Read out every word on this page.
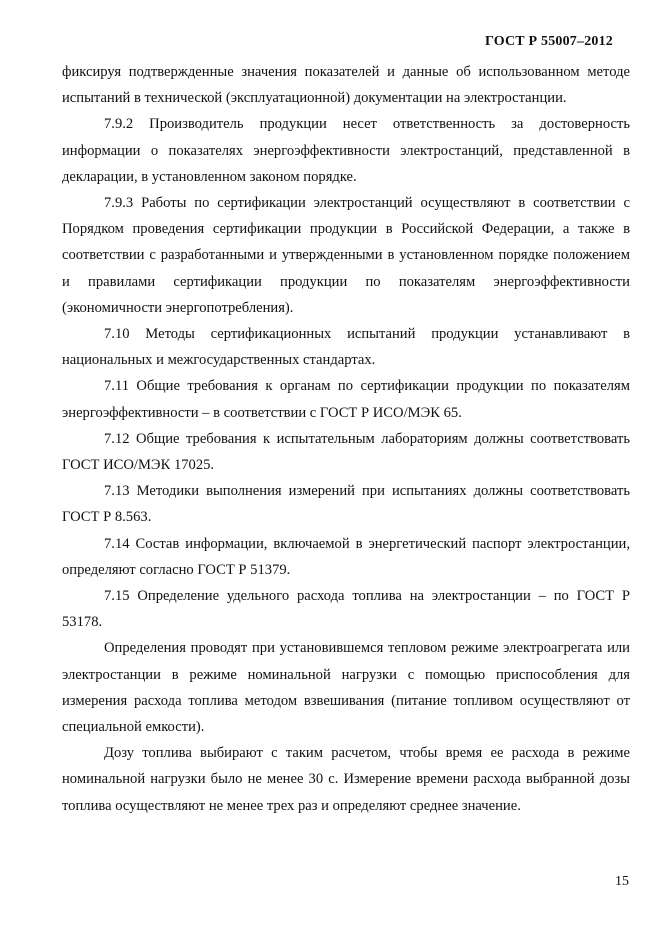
ГОСТ Р 55007–2012

фиксируя подтвержденные значения показателей и данные об использованном методе испытаний в технической (эксплуатационной) документации на электростанции.

7.9.2 Производитель продукции несет ответственность за достоверность информации о показателях энергоэффективности электростанций, представленной в декларации, в установленном законом порядке.

7.9.3 Работы по сертификации электростанций осуществляют в соответствии с Порядком проведения сертификации продукции в Российской Федерации, а также в соответствии с разработанными и утвержденными в установленном порядке положением и правилами сертификации продукции по показателям энергоэффективности (экономичности энергопотребления).

7.10 Методы сертификационных испытаний продукции устанавливают в национальных и межгосударственных стандартах.

7.11 Общие требования к органам по сертификации продукции по показателям энергоэффективности – в соответствии с ГОСТ Р ИСО/МЭК 65.

7.12 Общие требования к испытательным лабораториям должны соответствовать ГОСТ ИСО/МЭК 17025.

7.13 Методики выполнения измерений при испытаниях должны соответствовать ГОСТ Р 8.563.

7.14 Состав информации, включаемой в энергетический паспорт электростанции, определяют согласно ГОСТ Р 51379.

7.15 Определение удельного расхода топлива на электростанции – по ГОСТ Р 53178.

Определения проводят при установившемся тепловом режиме электроагрегата или электростанции в режиме номинальной нагрузки с помощью приспособления для измерения расхода топлива методом взвешивания (питание топливом осуществляют от специальной емкости).

Дозу топлива выбирают с таким расчетом, чтобы время ее расхода в режиме номинальной нагрузки было не менее 30 с. Измерение времени расхода выбранной дозы топлива осуществляют не менее трех раз и определяют среднее значение.

15
